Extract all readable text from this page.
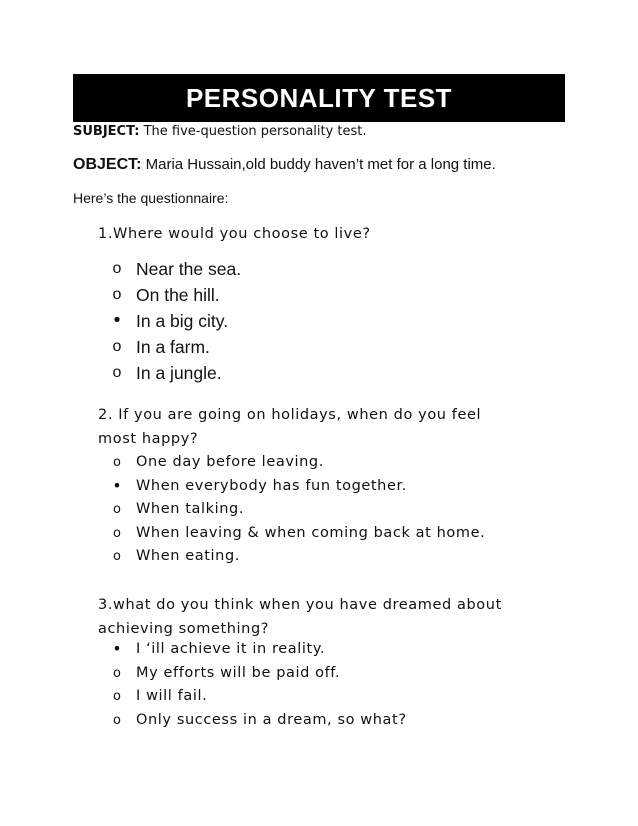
PERSONALITY TEST
SUBJECT: The five-question personality test.
OBJECT: Maria Hussain,old buddy haven’t met for a long time.
Here’s the questionnaire:

1.Where would you choose to live?

o
Near the sea.
o
On the hill.
•
In a big city.
o
In a farm.
o
In a jungle.

2. If you are going on holidays, when do you feel
most happy?

o
One day before leaving.
•
When everybody has fun together.
o
When talking.
o
When leaving & when coming back at home.
o
When eating.

3.what do you think when you have dreamed about
achieving something?

•
I ‘ill achieve it in reality.
o
My efforts will be paid off.
o
I will fail.
o
Only success in a dream, so what?
